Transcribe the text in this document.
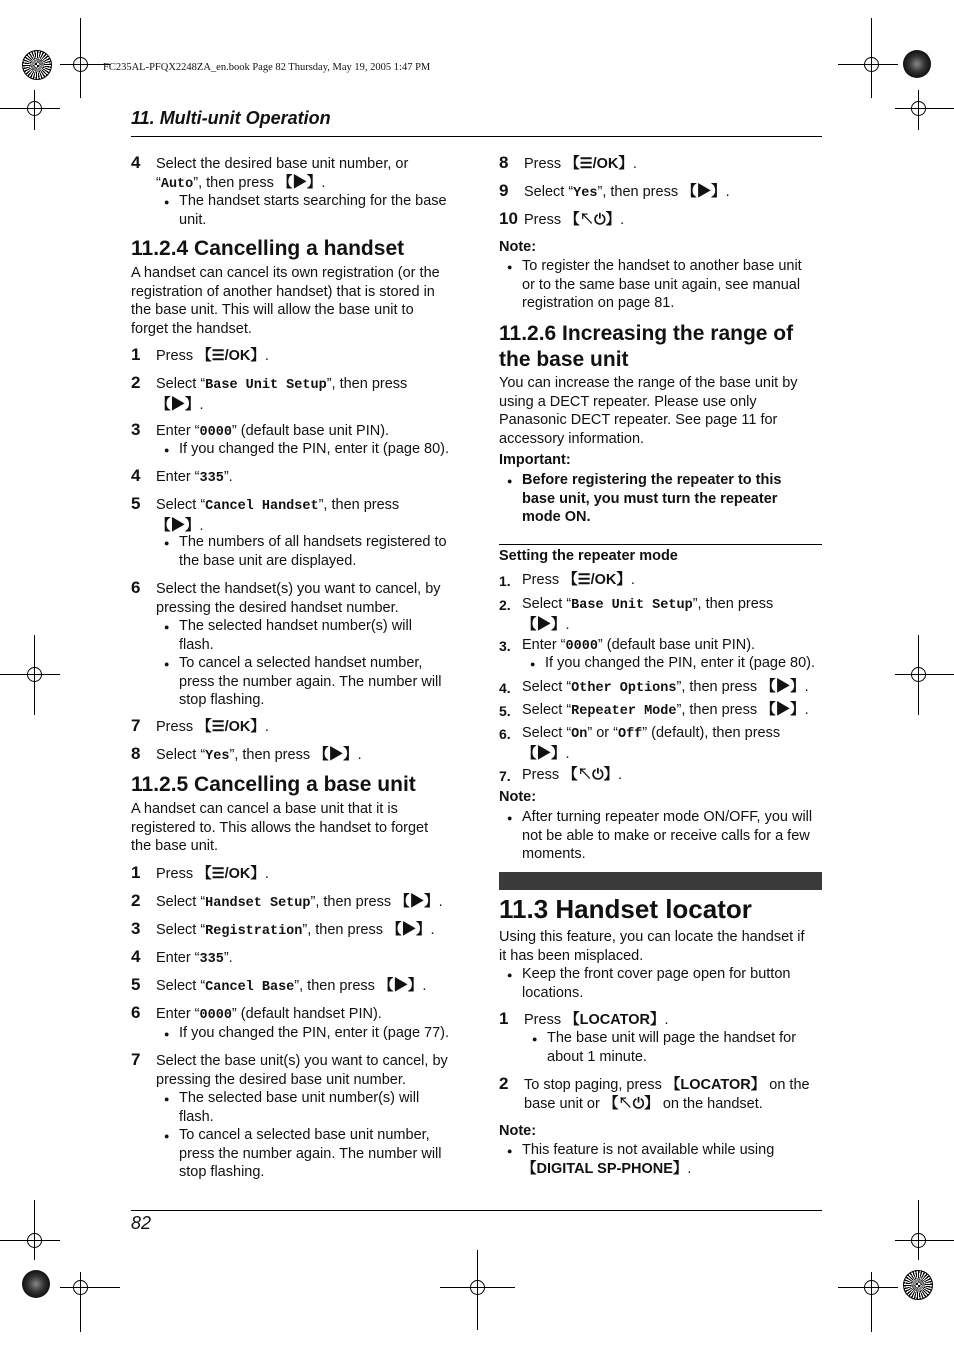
FC235AL-PFQX2248ZA_en.book Page 82 Thursday, May 19, 2005 1:47 PM
11. Multi-unit Operation
4 Select the desired base unit number, or
“Auto”, then press 【▶】.
● The handset starts searching for the base unit.
11.2.4 Cancelling a handset
A handset can cancel its own registration (or the
registration of another handset) that is stored in
the base unit. This will allow the base unit to
forget the handset.
1 Press 【☰/OK】.
2 Select “Base Unit Setup”, then press
【▶】.
3 Enter “0000” (default base unit PIN).
● If you changed the PIN, enter it (page 80).
4 Enter “335”.
5 Select “Cancel Handset”, then press
【▶】.
● The numbers of all handsets registered to
the base unit are displayed.
6 Select the handset(s) you want to cancel, by
pressing the desired handset number.
● The selected handset number(s) will
flash.
● To cancel a selected handset number,
press the number again. The number will
stop flashing.
7 Press 【☰/OK】.
8 Select “Yes”, then press 【▶】.
11.2.5 Cancelling a base unit
A handset can cancel a base unit that it is
registered to. This allows the handset to forget
the base unit.
1 Press 【☰/OK】.
2 Select “Handset Setup”, then press 【▶】.
3 Select “Registration”, then press 【▶】.
4 Enter “335”.
5 Select “Cancel Base”, then press 【▶】.
6 Enter “0000” (default handset PIN).
● If you changed the PIN, enter it (page 77).
7 Select the base unit(s) you want to cancel, by
pressing the desired base unit number.
● The selected base unit number(s) will
flash.
● To cancel a selected base unit number,
press the number again. The number will
stop flashing.
8 Press 【☰/OK】.
9 Select “Yes”, then press 【▶】.
10 Press 【↖⏻】.
Note:
● To register the handset to another base unit
or to the same base unit again, see manual
registration on page 81.
11.2.6 Increasing the range of
the base unit
You can increase the range of the base unit by
using a DECT repeater. Please use only
Panasonic DECT repeater. See page 11 for
accessory information.
Important:
● Before registering the repeater to this
base unit, you must turn the repeater
mode ON.
Setting the repeater mode
1. Press 【☰/OK】.
2. Select “Base Unit Setup”, then press
【▶】.
3. Enter “0000” (default base unit PIN).
● If you changed the PIN, enter it (page 80).
4. Select “Other Options”, then press 【▶】.
5. Select “Repeater Mode”, then press 【▶】.
6. Select “On” or “Off” (default), then press
【▶】.
7. Press 【↖⏻】.
Note:
● After turning repeater mode ON/OFF, you will
not be able to make or receive calls for a few
moments.
11.3 Handset locator
Using this feature, you can locate the handset if
it has been misplaced.
● Keep the front cover page open for button
locations.
1 Press 【LOCATOR】.
● The base unit will page the handset for
about 1 minute.
2 To stop paging, press 【LOCATOR】 on the
base unit or 【↖⏻】 on the handset.
Note:
● This feature is not available while using
【DIGITAL SP-PHONE】.
82
